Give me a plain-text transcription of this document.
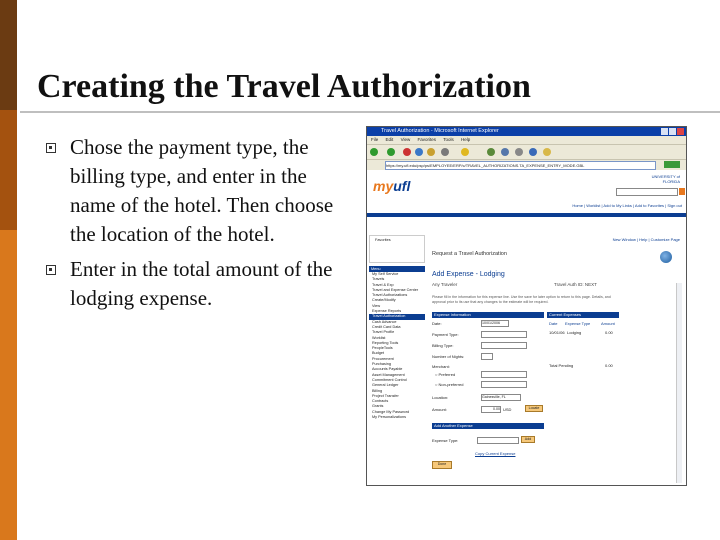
Creating the Travel Authorization
Chose the payment type, the billing type, and enter in the name of the hotel. Then choose the location of the hotel.
Enter in the total amount of the lodging expense.
Travel Authorization - Microsoft Internet Explorer
File Edit View Favorites Tools Help
https://my.ufl.edu/psp/ps/EMPLOYEE/ERP/c/TRAVEL_AUTHORIZATIONS.TA_EXPENSE_ENTRY_MODE.GBL
myufl
UNIVERSITY of FLORIDA
Home | Worklist | Add to My Links | Add to Favorites | Sign out
Favorites
Menu
My Self Service
Travels
Travel & Exp
Travel and Expense Center
Travel Authorizations
Create/Modify
View
Expense Reports
Travel Authorization
Cash Advance
Credit Card Data
Travel Profile
Worklist
Reporting Tools
PeopleTools
Budget
Procurement
Purchasing
Accounts Payable
Asset Management
Commitment Control
General Ledger
Billing
Project Transfer
Contracts
Grants
Change My Password
My Personalizations
New Window | Help | Customize Page
Request a Travel Authorization
Add Expense - Lodging
Any Traveler	Travel Auth ID: NEXT
Please fill in the information for this expense line. Use the save for later option to return to this page. Details, and approval prior to its use that any changes to the estimate will be required.
Expense Information
Date:	10/01/2006
Payment Type:
Billing Type:
Number of Nights:
Merchant:
○ Preferred
○ Non-preferred
Location:	Gainesville, FL
Amount:	0.00 USD	Locate
Current Expenses
Date Expense Type	Amount
10/01/06 Lodging	0.00
Total Pending	0.00
Add Another Expense
Expense Type:	Add
Copy Current Expense
Done
